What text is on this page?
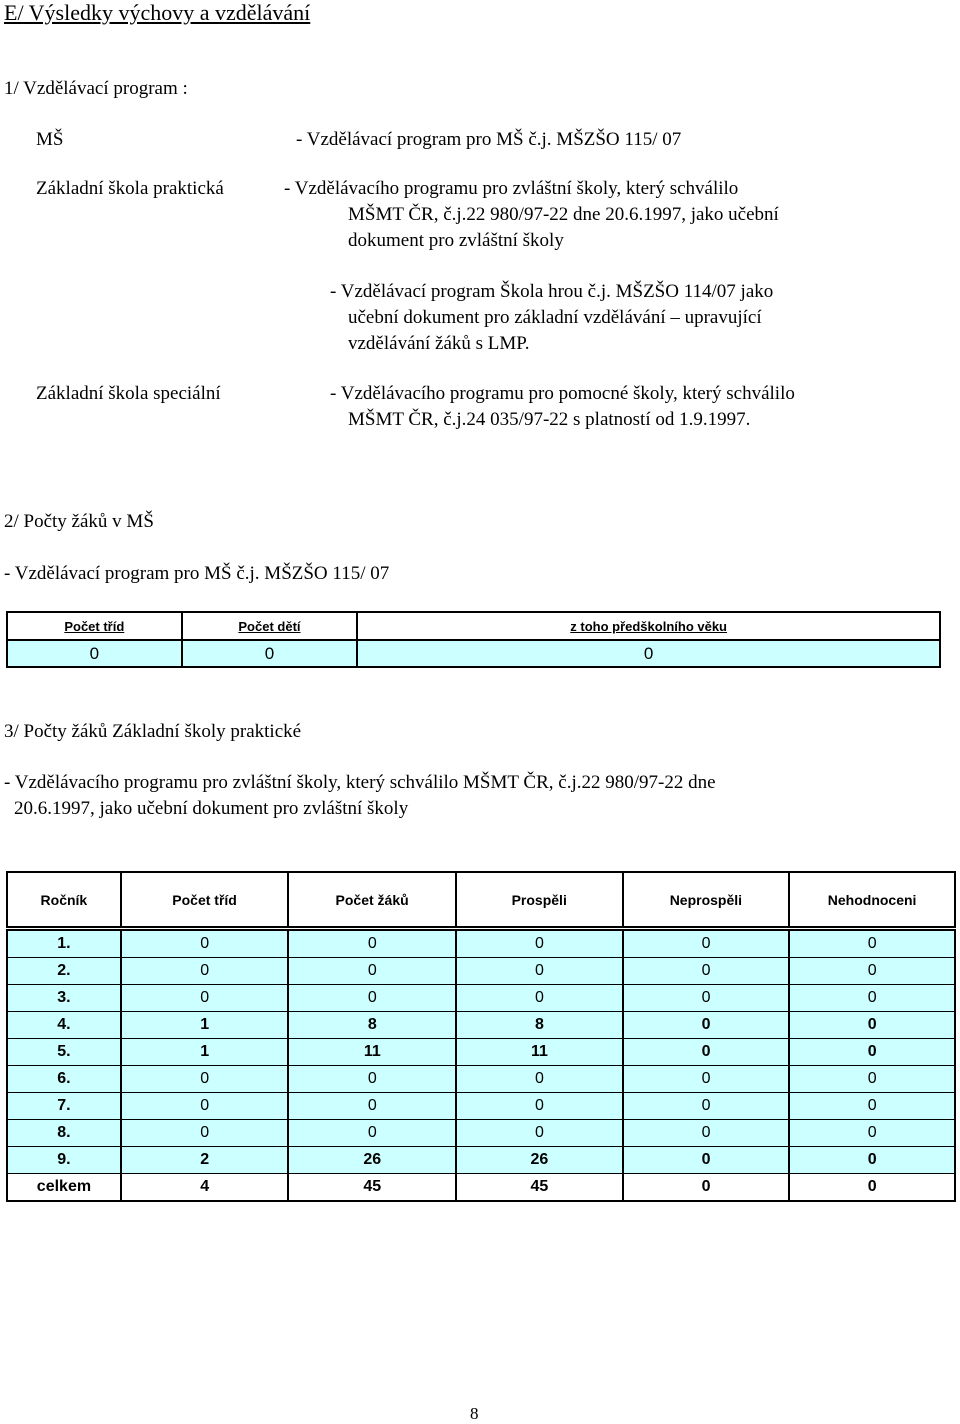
E/ Výsledky výchovy a vzdělávání
1/ Vzdělávací program :
MŠ	- Vzdělávací program pro MŠ č.j. MŠZŠO 115/ 07
Základní škola praktická	- Vzdělávacího programu pro zvláštní školy, který schválilo
MŠMT ČR, č.j.22 980/97-22 dne 20.6.1997, jako učební
dokument pro zvláštní školy
- Vzdělávací program Škola hrou č.j. MŠZŠO 114/07 jako
učební dokument pro základní vzdělávání – upravující
vzdělávání žáků s LMP.
Základní škola speciální	- Vzdělávacího programu pro pomocné školy, který schválilo
MŠMT ČR, č.j.24 035/97-22 s platností od 1.9.1997.
2/ Počty žáků v MŠ
- Vzdělávací program pro MŠ č.j. MŠZŠO 115/ 07
Počet tříd	Počet dětí	z toho předškolního věku
0	0	0
3/ Počty žáků Základní školy praktické
- Vzdělávacího programu pro zvláštní školy, který schválilo MŠMT ČR, č.j.22 980/97-22 dne
20.6.1997, jako učební dokument pro zvláštní školy
Ročník	Počet tříd	Počet žáků	Prospěli	Neprospěli	Nehodnoceni
1.	0	0	0	0	0
2.	0	0	0	0	0
3.	0	0	0	0	0
4.	1	8	8	0	0
5.	1	11	11	0	0
6.	0	0	0	0	0
7.	0	0	0	0	0
8.	0	0	0	0	0
9.	2	26	26	0	0
celkem	4	45	45	0	0
8
